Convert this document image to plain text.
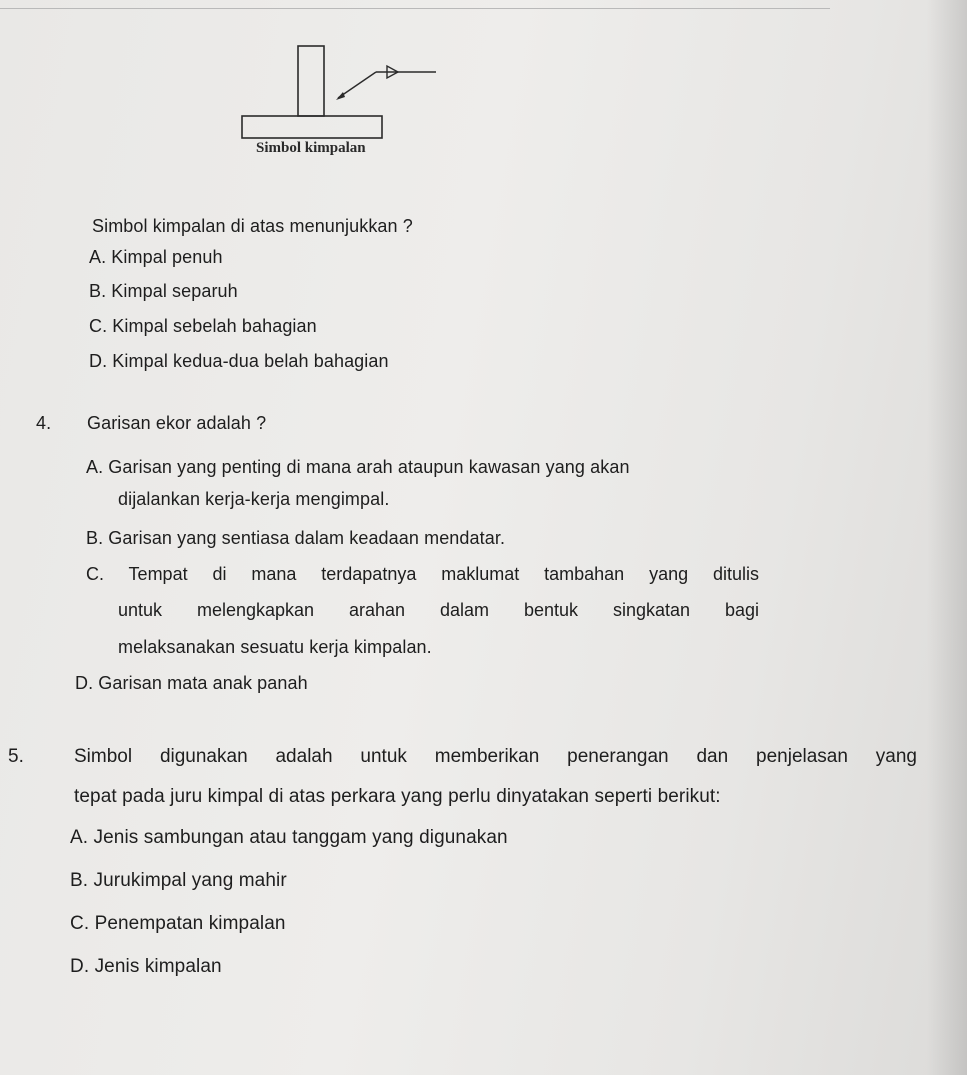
Simbol kimpalan
Simbol kimpalan di atas menunjukkan ?
A. Kimpal penuh
B. Kimpal separuh
C. Kimpal sebelah bahagian
D. Kimpal kedua-dua belah bahagian
4. Garisan ekor adalah ?
A. Garisan yang penting di mana arah ataupun kawasan yang akan
dijalankan kerja-kerja mengimpal.
B. Garisan yang sentiasa dalam keadaan mendatar.
C. Tempat di mana terdapatnya maklumat tambahan yang ditulis
untuk melengkapkan arahan dalam bentuk singkatan bagi
melaksanakan sesuatu kerja kimpalan.
D. Garisan mata anak panah
5.	Simbol digunakan adalah untuk memberikan penerangan dan penjelasan yang
tepat pada juru kimpal di atas perkara yang perlu dinyatakan seperti berikut:
A. Jenis sambungan atau tanggam yang digunakan
B. Jurukimpal yang mahir
C. Penempatan kimpalan
D. Jenis kimpalan
